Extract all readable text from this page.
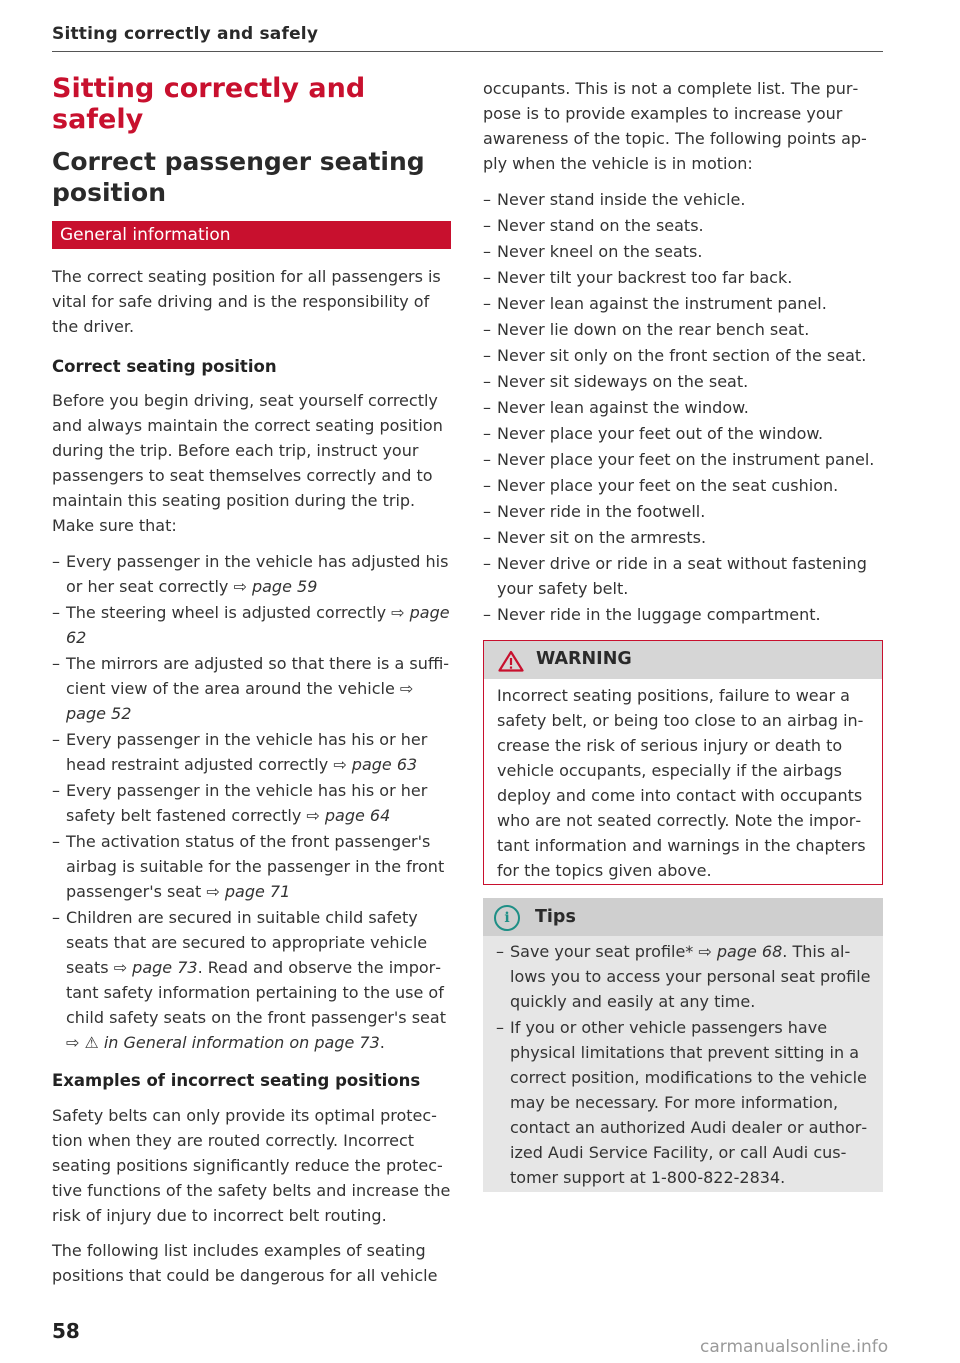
Sitting correctly and safely
Sitting correctly and safely
Correct passenger seating position
General information

The correct seating position for all passengers is vital for safe driving and is the responsibility of the driver.

Correct seating position

Before you begin driving, seat yourself correctly and always maintain the correct seating position during the trip. Before each trip, instruct your passengers to seat themselves correctly and to maintain this seating position during the trip. Make sure that:

– Every passenger in the vehicle has adjusted his or her seat correctly ⇨ page 59
– The steering wheel is adjusted correctly ⇨ page 62
– The mirrors are adjusted so that there is a sufficient view of the area around the vehicle ⇨ page 52
– Every passenger in the vehicle has his or her head restraint adjusted correctly ⇨ page 63
– Every passenger in the vehicle has his or her safety belt fastened correctly ⇨ page 64
– The activation status of the front passenger's airbag is suitable for the passenger in the front passenger's seat ⇨ page 71
– Children are secured in suitable child safety seats that are secured to appropriate vehicle seats ⇨ page 73. Read and observe the important safety information pertaining to the use of child safety seats on the front passenger's seat ⇨ ⚠ in General information on page 73.
Examples of incorrect seating positions

Safety belts can only provide its optimal protection when they are routed correctly. Incorrect seating positions significantly reduce the protective functions of the safety belts and increase the risk of injury due to incorrect belt routing.

The following list includes examples of seating positions that could be dangerous for all vehicle

occupants. This is not a complete list. The purpose is to provide examples to increase your awareness of the topic. The following points apply when the vehicle is in motion:

– Never stand inside the vehicle.
– Never stand on the seats.
– Never kneel on the seats.
– Never tilt your backrest too far back.
– Never lean against the instrument panel.
– Never lie down on the rear bench seat.
– Never sit only on the front section of the seat.
– Never sit sideways on the seat.
– Never lean against the window.
– Never place your feet out of the window.
– Never place your feet on the instrument panel.
– Never place your feet on the seat cushion.
– Never ride in the footwell.
– Never sit on the armrests.
– Never drive or ride in a seat without fastening your safety belt.
– Never ride in the luggage compartment.
WARNING
Incorrect seating positions, failure to wear a safety belt, or being too close to an airbag increase the risk of serious injury or death to vehicle occupants, especially if the airbags deploy and come into contact with occupants who are not seated correctly. Note the important information and warnings in the chapters for the topics given above.
i	Tips
– Save your seat profile* ⇨ page 68. This allows you to access your personal seat profile quickly and easily at any time.
– If you or other vehicle passengers have physical limitations that prevent sitting in a correct position, modifications to the vehicle may be necessary. For more information, contact an authorized Audi dealer or authorized Audi Service Facility, or call Audi customer support at 1-800-822-2834.
58
carmanualsonline.info
